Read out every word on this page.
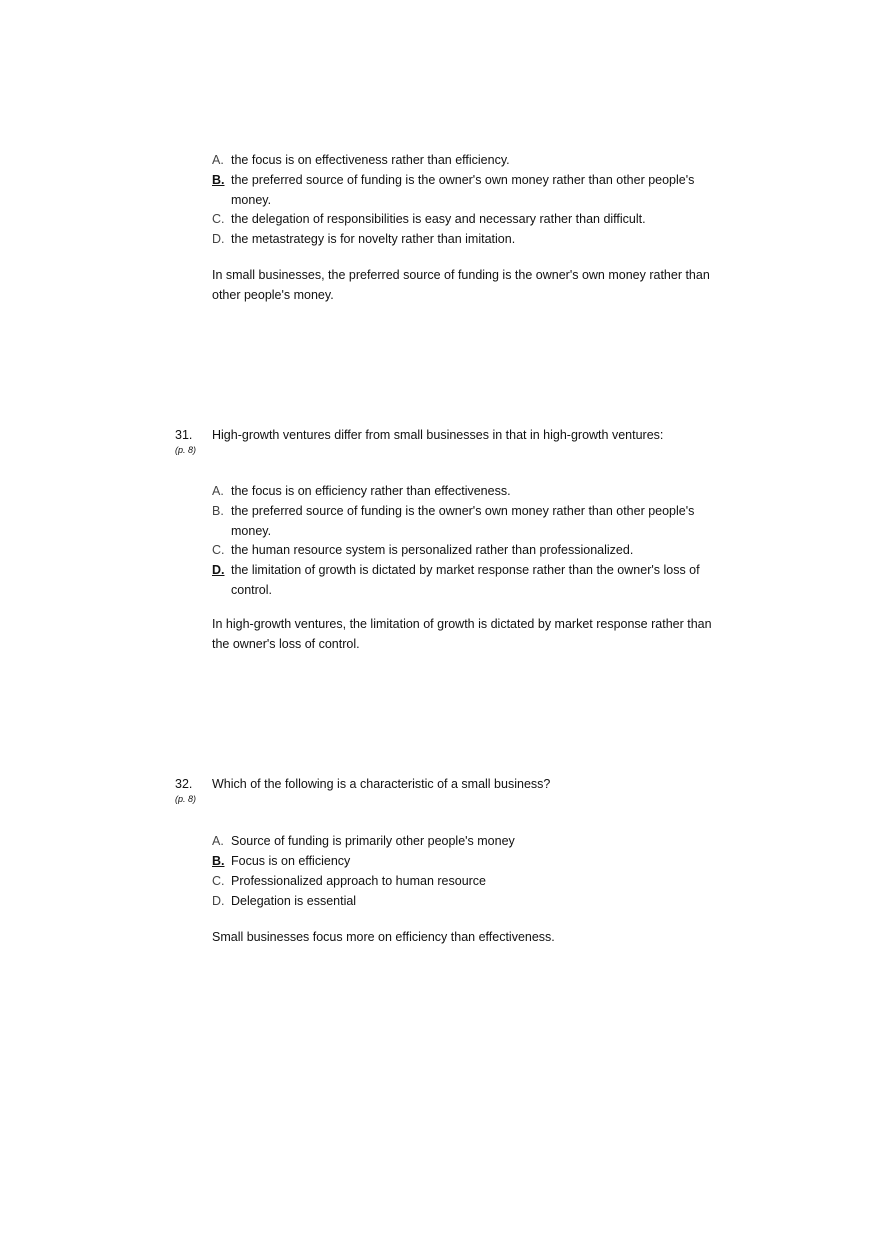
A. the focus is on effectiveness rather than efficiency.
B. the preferred source of funding is the owner's own money rather than other people's money.
C. the delegation of responsibilities is easy and necessary rather than difficult.
D. the metastrategy is for novelty rather than imitation.
In small businesses, the preferred source of funding is the owner's own money rather than other people's money.
31.
(p. 8)
High-growth ventures differ from small businesses in that in high-growth ventures:
A. the focus is on efficiency rather than effectiveness.
B. the preferred source of funding is the owner's own money rather than other people's money.
C. the human resource system is personalized rather than professionalized.
D. the limitation of growth is dictated by market response rather than the owner's loss of control.
In high-growth ventures, the limitation of growth is dictated by market response rather than the owner's loss of control.
32.
(p. 8)
Which of the following is a characteristic of a small business?
A. Source of funding is primarily other people's money
B. Focus is on efficiency
C. Professionalized approach to human resource
D. Delegation is essential
Small businesses focus more on efficiency than effectiveness.
